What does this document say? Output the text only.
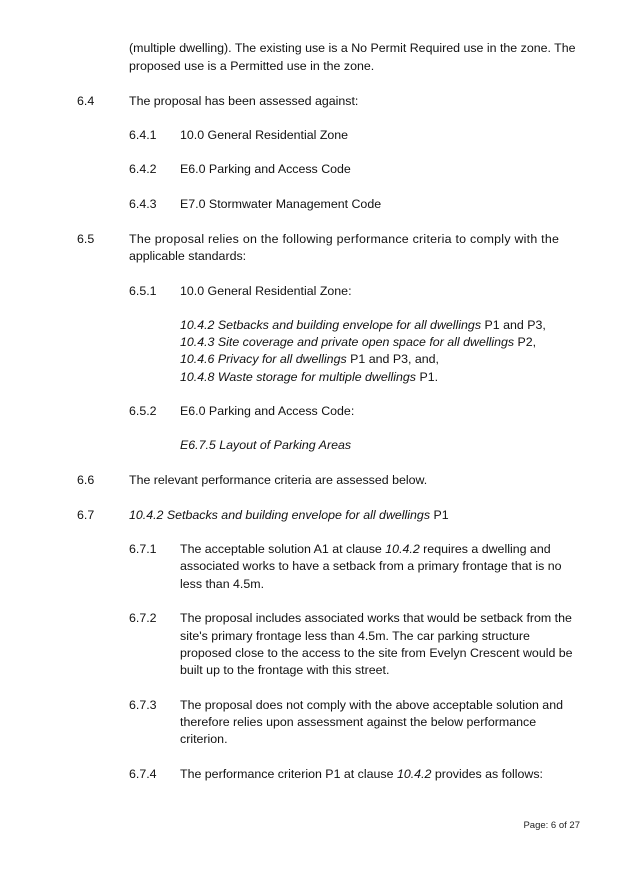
(multiple dwelling). The existing use is a No Permit Required use in the zone. The
proposed use is a Permitted use in the zone.
6.4	The proposal has been assessed against:
6.4.1 10.0 General Residential Zone
6.4.2 E6.0 Parking and Access Code
6.4.3 E7.0 Stormwater Management Code
6.5	The proposal relies on the following performance criteria to comply with the
applicable standards:
6.5.1 10.0 General Residential Zone:
10.4.2 Setbacks and building envelope for all dwellings P1 and P3,
10.4.3 Site coverage and private open space for all dwellings P2,
10.4.6 Privacy for all dwellings P1 and P3, and,
10.4.8 Waste storage for multiple dwellings P1.
6.5.2 E6.0 Parking and Access Code:
E6.7.5 Layout of Parking Areas
6.6	The relevant performance criteria are assessed below.
6.7	10.4.2 Setbacks and building envelope for all dwellings P1
6.7.1 The acceptable solution A1 at clause 10.4.2 requires a dwelling and
associated works to have a setback from a primary frontage that is no
less than 4.5m.
6.7.2 The proposal includes associated works that would be setback from the
site's primary frontage less than 4.5m. The car parking structure
proposed close to the access to the site from Evelyn Crescent would be
built up to the frontage with this street.
6.7.3 The proposal does not comply with the above acceptable solution and
therefore relies upon assessment against the below performance
criterion.
6.7.4 The performance criterion P1 at clause 10.4.2 provides as follows:
Page: 6 of 27
